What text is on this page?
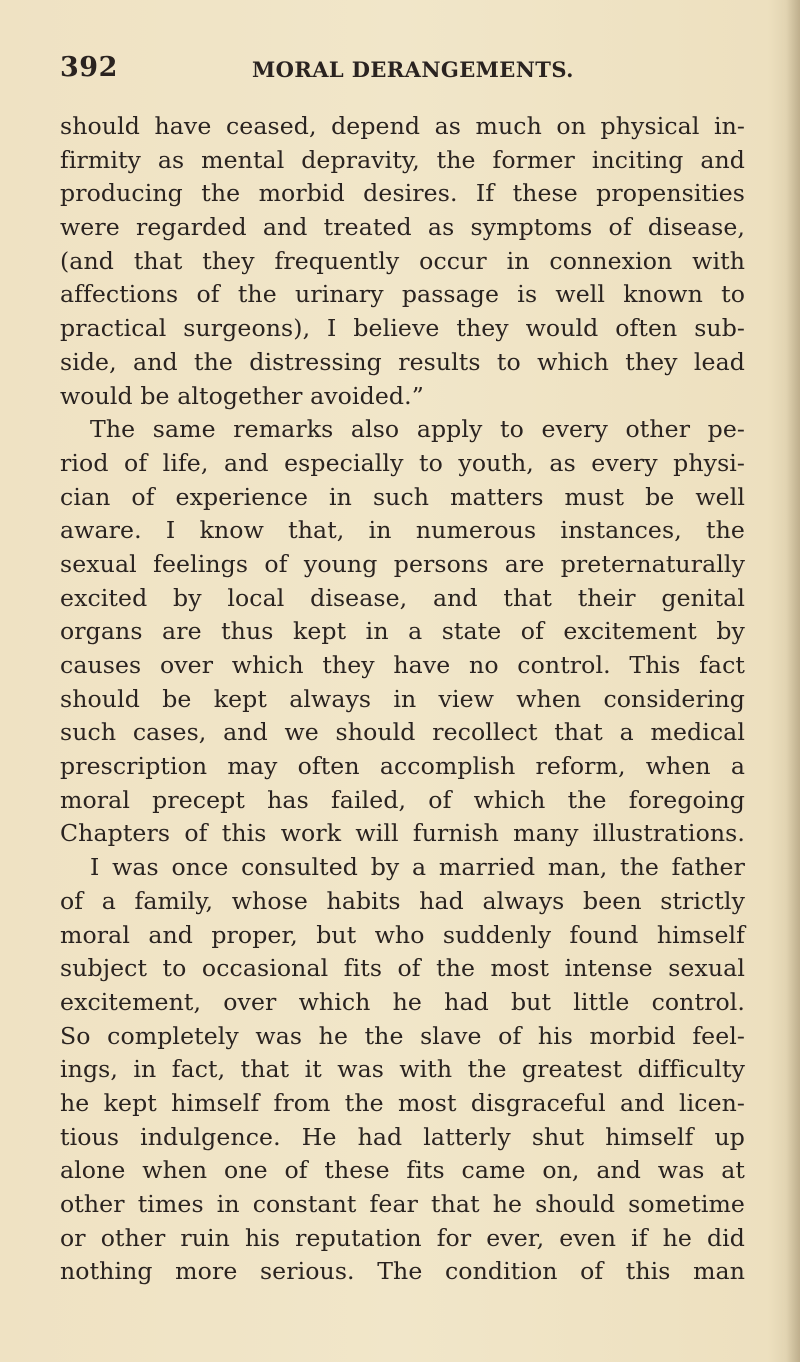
392	MORAL DERANGEMENTS.
should have ceased, depend as much on physical in-
firmity as mental depravity, the former inciting and
producing the morbid desires. If these propensities
were regarded and treated as symptoms of disease,
(and that they frequently occur in connexion with
affections of the urinary passage is well known to
practical surgeons), I believe they would often sub-
side, and the distressing results to which they lead
would be altogether avoided.”
The same remarks also apply to every other pe-
riod of life, and especially to youth, as every physi-
cian of experience in such matters must be well
aware. I know that, in numerous instances, the
sexual feelings of young persons are preternaturally
excited by local disease, and that their genital
organs are thus kept in a state of excitement by
causes over which they have no control. This fact
should be kept always in view when considering
such cases, and we should recollect that a medical
prescription may often accomplish reform, when a
moral precept has failed, of which the foregoing
Chapters of this work will furnish many illustrations.
I was once consulted by a married man, the father
of a family, whose habits had always been strictly
moral and proper, but who suddenly found himself
subject to occasional fits of the most intense sexual
excitement, over which he had but little control.
So completely was he the slave of his morbid feel-
ings, in fact, that it was with the greatest difficulty
he kept himself from the most disgraceful and licen-
tious indulgence. He had latterly shut himself up
alone when one of these fits came on, and was at
other times in constant fear that he should sometime
or other ruin his reputation for ever, even if he did
nothing more serious. The condition of this man
